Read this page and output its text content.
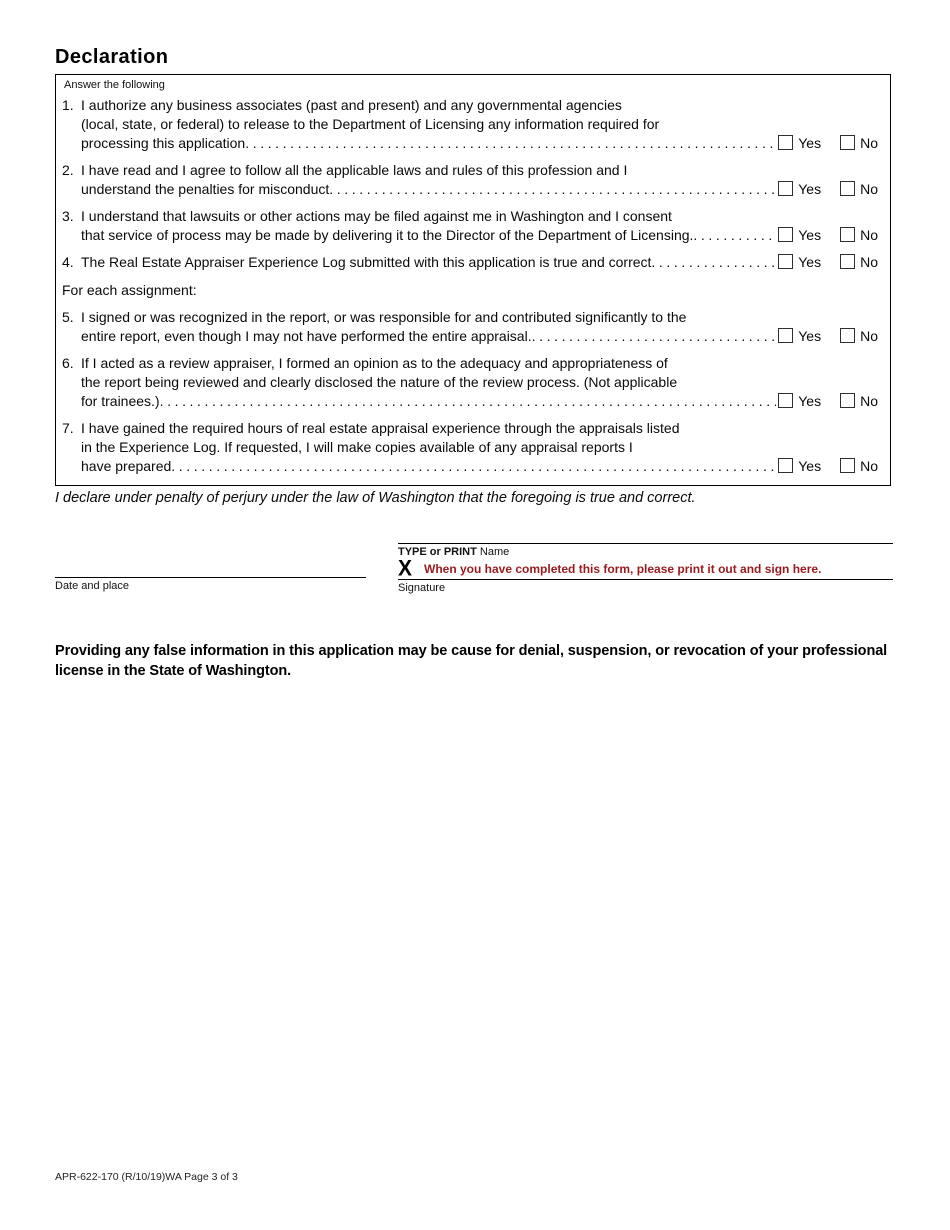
Declaration
Answer the following
1. I authorize any business associates (past and present) and any governmental agencies
(local, state, or federal) to release to the Department of Licensing any information required for
processing this application .....	Yes	No
2. I have read and I agree to follow all the applicable laws and rules of this profession and I
understand the penalties for misconduct .....	Yes	No
3. I understand that lawsuits or other actions may be filed against me in Washington and I consent
that service of process may be made by delivering it to the Director of the Department of Licensing. .....	Yes	No
4. The Real Estate Appraiser Experience Log submitted with this application is true and correct .....	Yes	No
For each assignment:
5. I signed or was recognized in the report, or was responsible for and contributed significantly to the
entire report, even though I may not have performed the entire appraisal. .....	Yes	No
6. If I acted as a review appraiser, I formed an opinion as to the adequacy and appropriateness of
the report being reviewed and clearly disclosed the nature of the review process. (Not applicable
for trainees.) .....	Yes	No
7. I have gained the required hours of real estate appraisal experience through the appraisals listed
in the Experience Log. If requested, I will make copies available of any appraisal reports I
have prepared .....	Yes	No
I declare under penalty of perjury under the law of Washington that the foregoing is true and correct.
TYPE or PRINT Name
X When you have completed this form, please print it out and sign here.
Signature
Date and place
Providing any false information in this application may be cause for denial, suspension, or revocation of your professional license in the State of Washington.
APR-622-170 (R/10/19)WA Page 3 of 3
